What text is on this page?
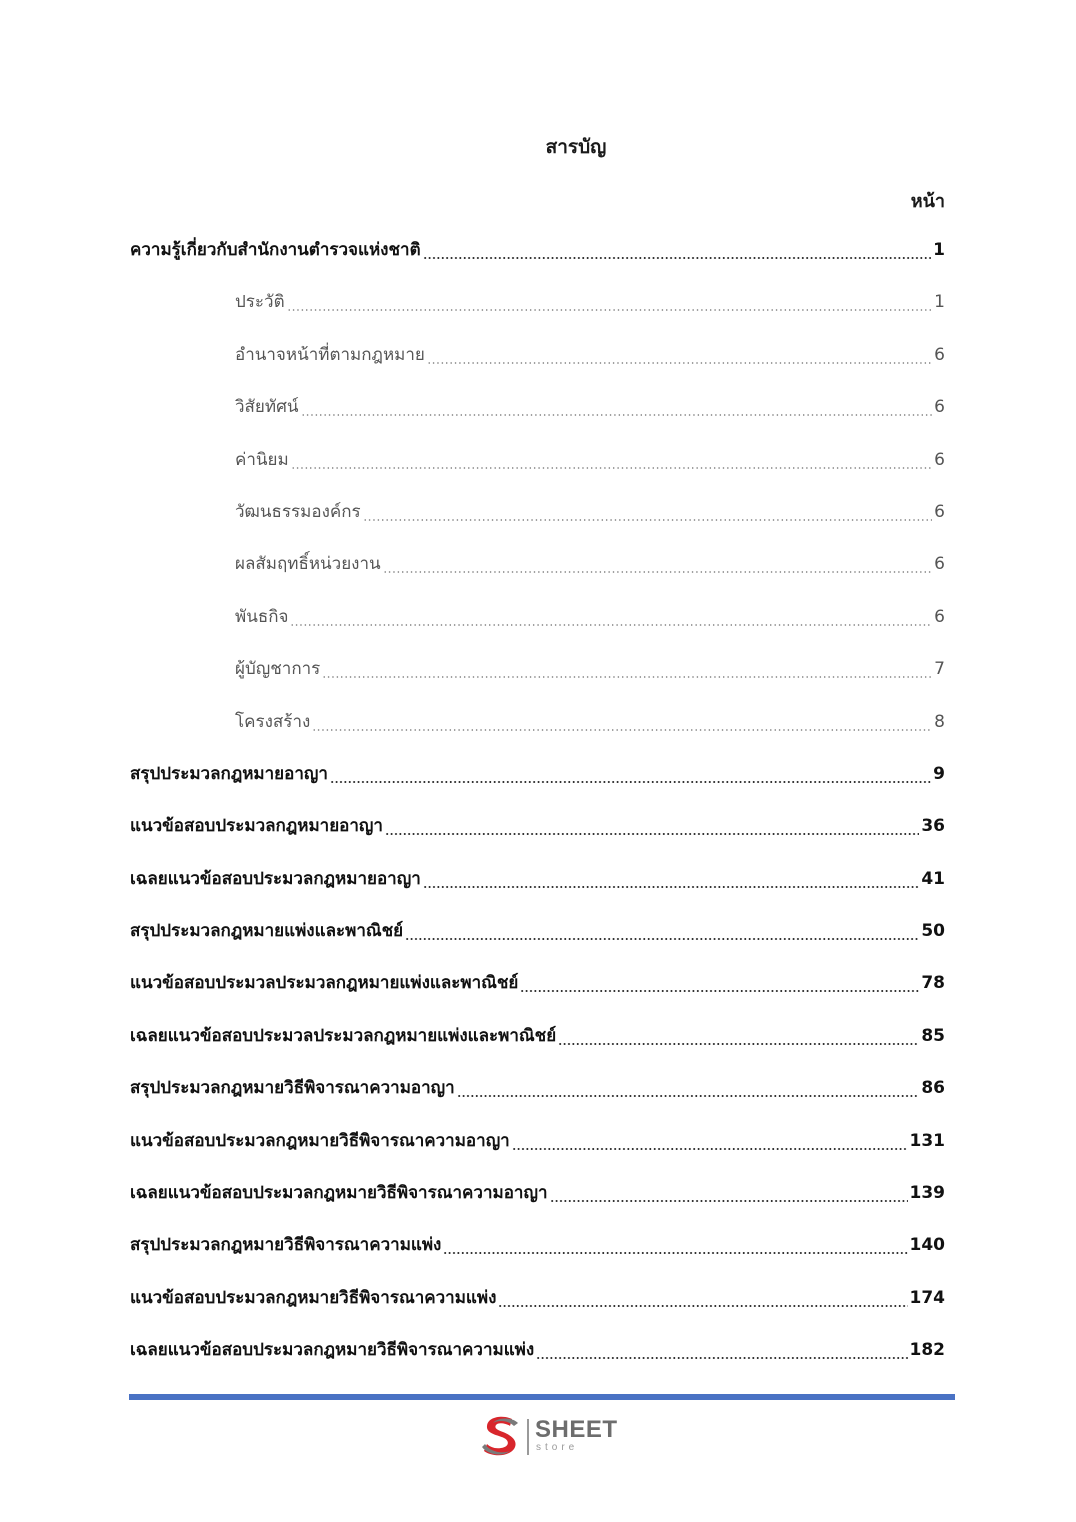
สารบัญ
หน้า
ความรู้เกี่ยวกับสำนักงานตำรวจแห่งชาติ	1
ประวัติ	1
อำนาจหน้าที่ตามกฎหมาย	6
วิสัยทัศน์	6
ค่านิยม	6
วัฒนธรรมองค์กร	6
ผลสัมฤทธิ์หน่วยงาน	6
พันธกิจ	6
ผู้บัญชาการ	7
โครงสร้าง	8
สรุปประมวลกฎหมายอาญา	9
แนวข้อสอบประมวลกฎหมายอาญา	36
เฉลยแนวข้อสอบประมวลกฎหมายอาญา	41
สรุปประมวลกฎหมายแพ่งและพาณิชย์	50
แนวข้อสอบประมวลประมวลกฎหมายแพ่งและพาณิชย์	78
เฉลยแนวข้อสอบประมวลประมวลกฎหมายแพ่งและพาณิชย์	85
สรุปประมวลกฎหมายวิธีพิจารณาความอาญา	86
แนวข้อสอบประมวลกฎหมายวิธีพิจารณาความอาญา	131
เฉลยแนวข้อสอบประมวลกฎหมายวิธีพิจารณาความอาญา	139
สรุปประมวลกฎหมายวิธีพิจารณาความแพ่ง	140
แนวข้อสอบประมวลกฎหมายวิธีพิจารณาความแพ่ง	174
เฉลยแนวข้อสอบประมวลกฎหมายวิธีพิจารณาความแพ่ง	182
SHEET
store
